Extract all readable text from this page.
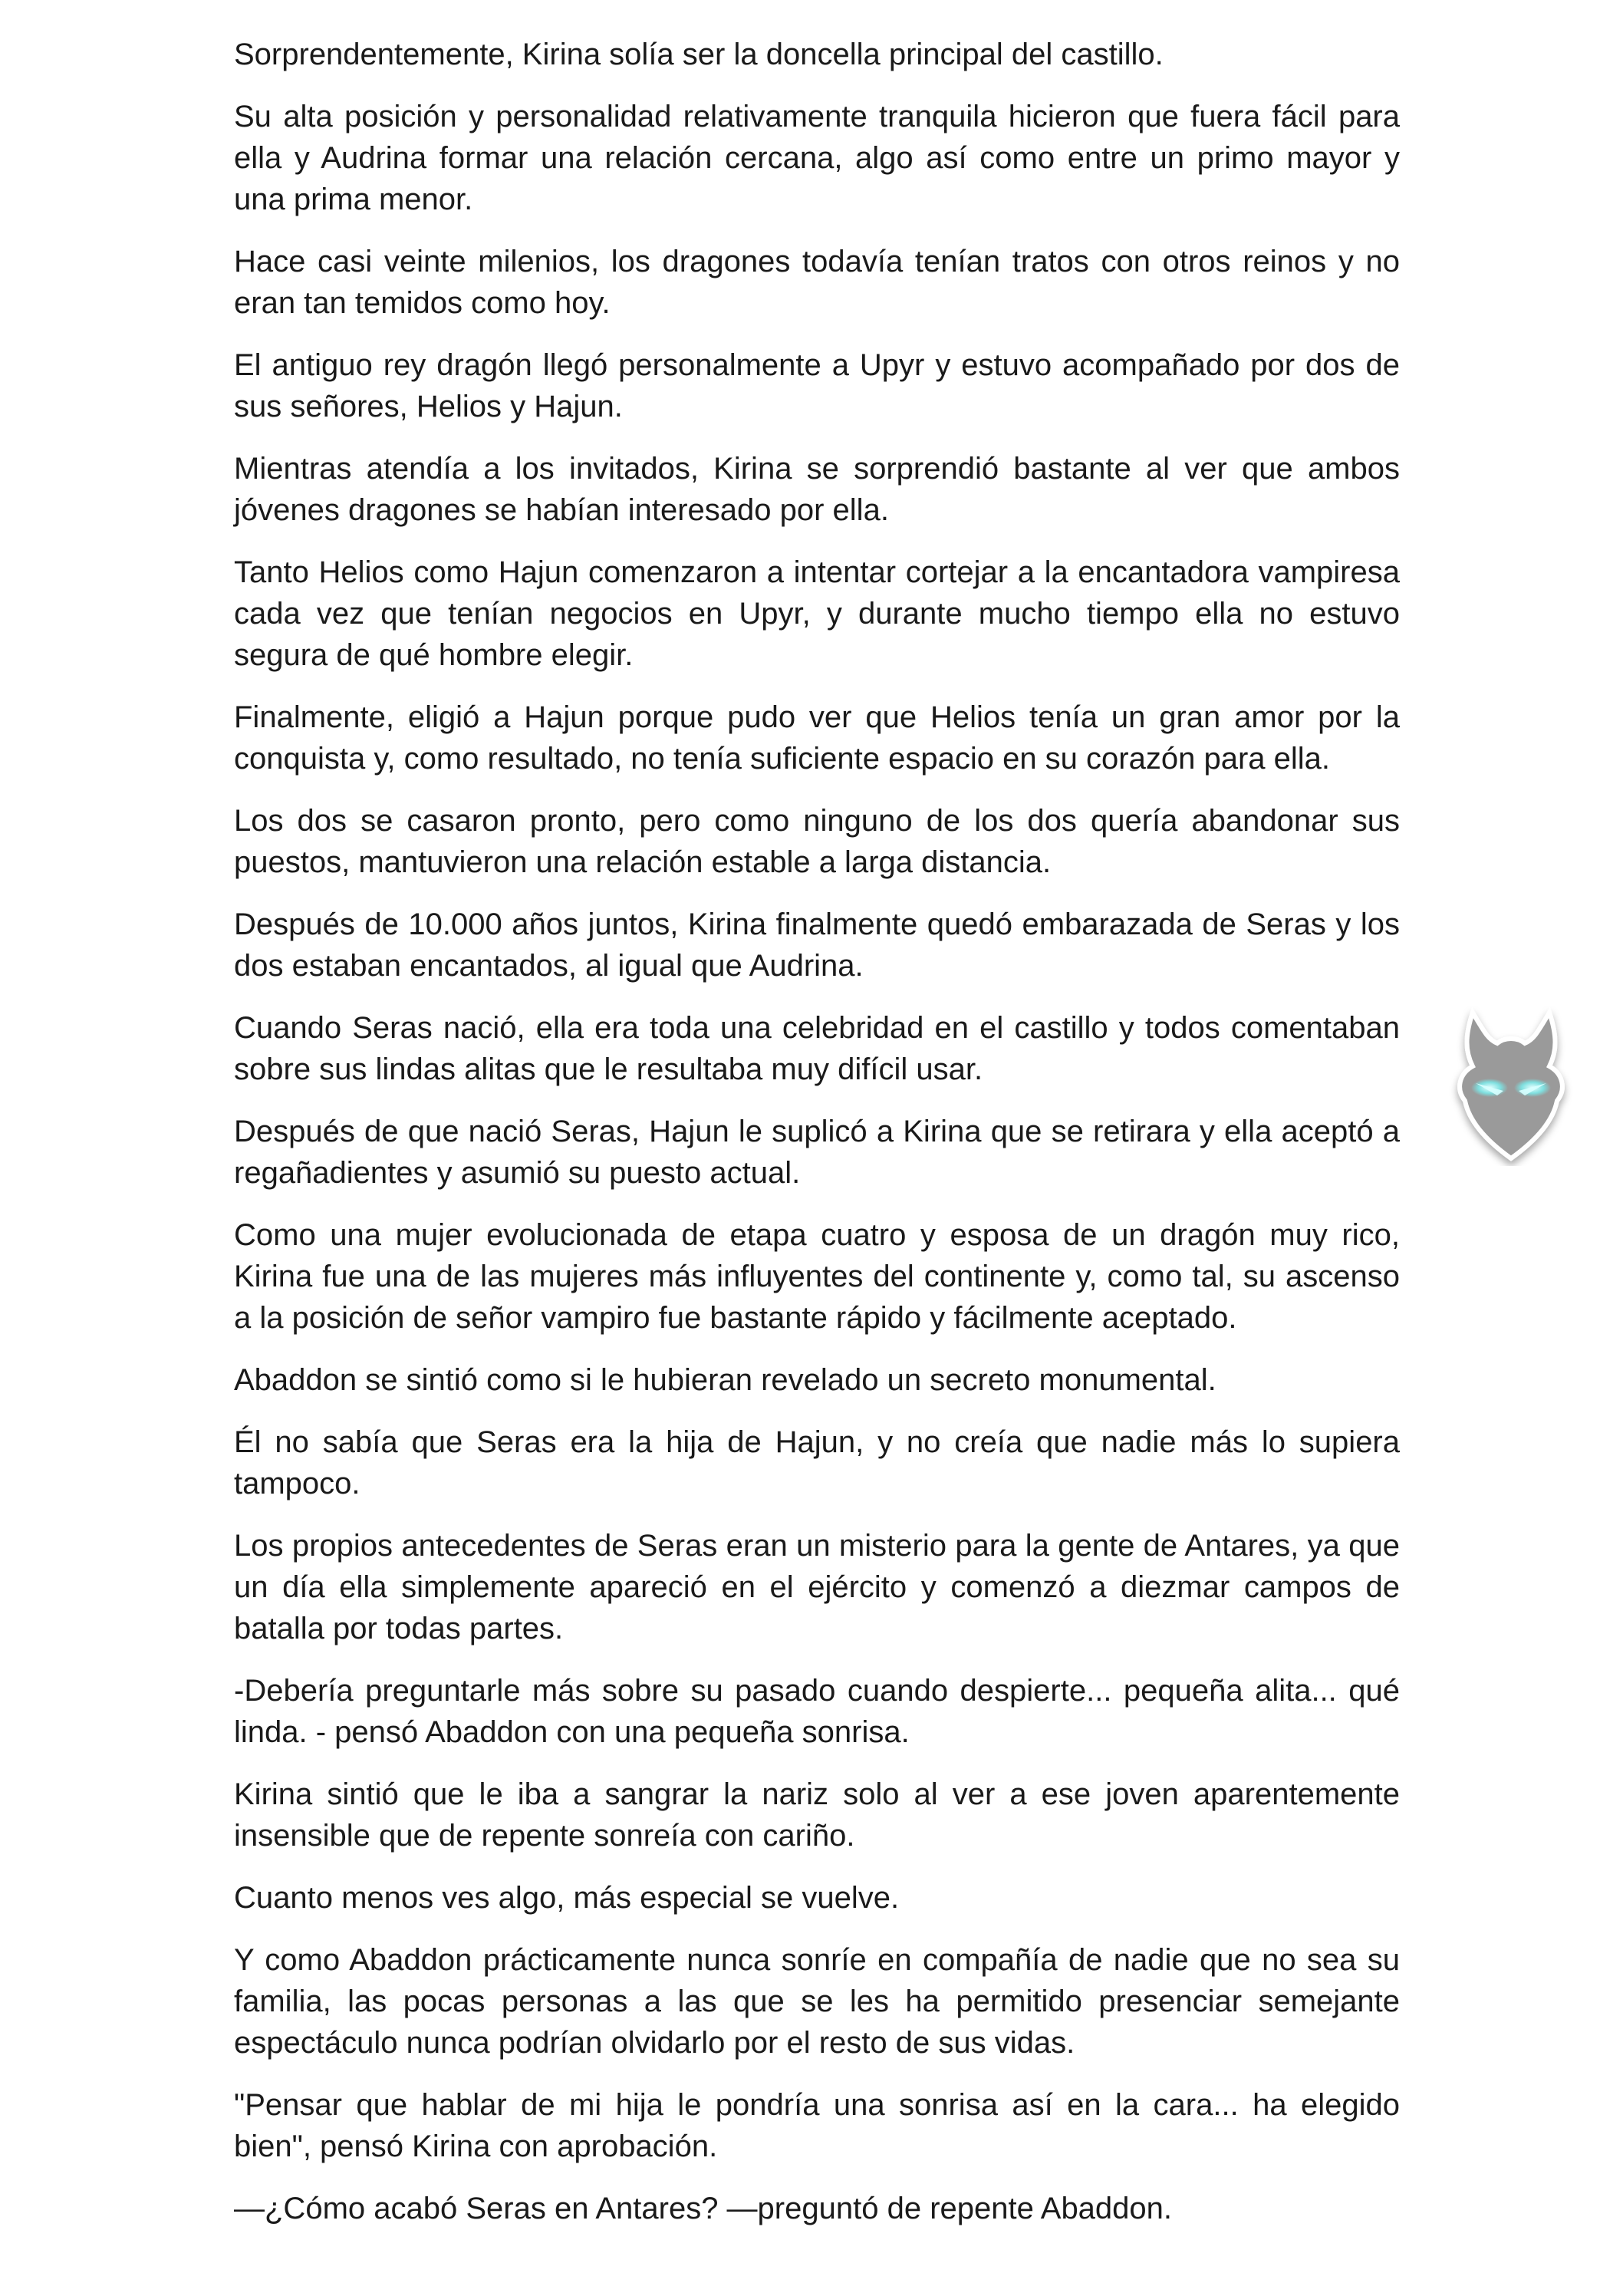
Sorprendentemente, Kirina solía ser la doncella principal del castillo.

Su alta posición y personalidad relativamente tranquila hicieron que fuera fácil para ella y Audrina formar una relación cercana, algo así como entre un primo mayor y una prima menor.

Hace casi veinte milenios, los dragones todavía tenían tratos con otros reinos y no eran tan temidos como hoy.

El antiguo rey dragón llegó personalmente a Upyr y estuvo acompañado por dos de sus señores, Helios y Hajun.

Mientras atendía a los invitados, Kirina se sorprendió bastante al ver que ambos jóvenes dragones se habían interesado por ella.

Tanto Helios como Hajun comenzaron a intentar cortejar a la encantadora vampiresa cada vez que tenían negocios en Upyr, y durante mucho tiempo ella no estuvo segura de qué hombre elegir.

Finalmente, eligió a Hajun porque pudo ver que Helios tenía un gran amor por la conquista y, como resultado, no tenía suficiente espacio en su corazón para ella.

Los dos se casaron pronto, pero como ninguno de los dos quería abandonar sus puestos, mantuvieron una relación estable a larga distancia.

Después de 10.000 años juntos, Kirina finalmente quedó embarazada de Seras y los dos estaban encantados, al igual que Audrina.

Cuando Seras nació, ella era toda una celebridad en el castillo y todos comentaban sobre sus lindas alitas que le resultaba muy difícil usar.

Después de que nació Seras, Hajun le suplicó a Kirina que se retirara y ella aceptó a regañadientes y asumió su puesto actual.

Como una mujer evolucionada de etapa cuatro y esposa de un dragón muy rico, Kirina fue una de las mujeres más influyentes del continente y, como tal, su ascenso a la posición de señor vampiro fue bastante rápido y fácilmente aceptado.

Abaddon se sintió como si le hubieran revelado un secreto monumental.

Él no sabía que Seras era la hija de Hajun, y no creía que nadie más lo supiera tampoco.

Los propios antecedentes de Seras eran un misterio para la gente de Antares, ya que un día ella simplemente apareció en el ejército y comenzó a diezmar campos de batalla por todas partes.

-Debería preguntarle más sobre su pasado cuando despierte... pequeña alita... qué linda. - pensó Abaddon con una pequeña sonrisa.

Kirina sintió que le iba a sangrar la nariz solo al ver a ese joven aparentemente insensible que de repente sonreía con cariño.

Cuanto menos ves algo, más especial se vuelve.

Y como Abaddon prácticamente nunca sonríe en compañía de nadie que no sea su familia, las pocas personas a las que se les ha permitido presenciar semejante espectáculo nunca podrían olvidarlo por el resto de sus vidas.

"Pensar que hablar de mi hija le pondría una sonrisa así en la cara... ha elegido bien", pensó Kirina con aprobación.

—¿Cómo acabó Seras en Antares? —preguntó de repente Abaddon.
